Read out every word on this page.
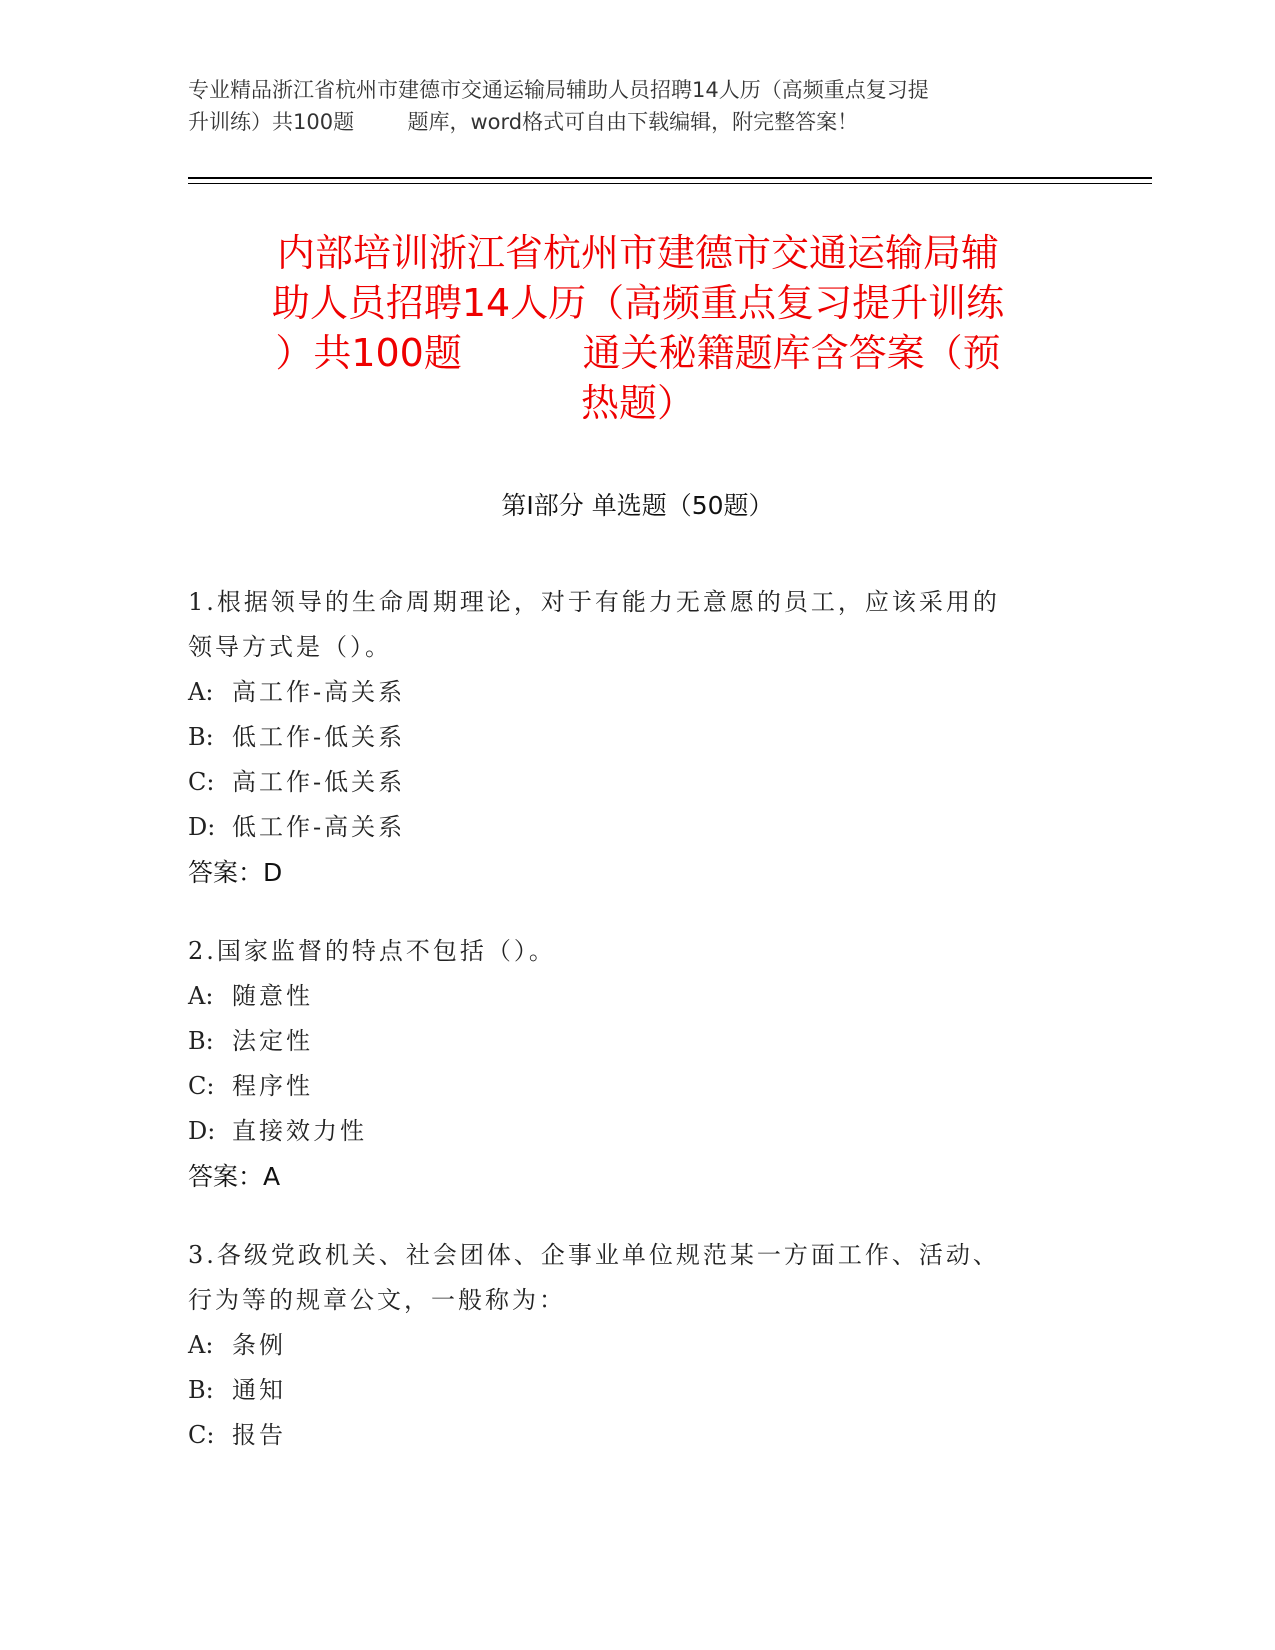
专业精品浙江省杭州市建德市交通运输局辅助人员招聘14人历（高频重点复习提
升训练）共100题        题库，word格式可自由下载编辑，附完整答案！
内部培训浙江省杭州市建德市交通运输局辅
助人员招聘14人历（高频重点复习提升训练
）共100题          通关秘籍题库含答案（预
热题）
第Ⅰ部分 单选题（50题）
1.根据领导的生命周期理论，对于有能力无意愿的员工，应该采用的
领导方式是（）。
A: 高工作-高关系
B: 低工作-低关系
C: 高工作-低关系
D: 低工作-高关系
答案：D
2.国家监督的特点不包括（）。
A: 随意性
B: 法定性
C: 程序性
D: 直接效力性
答案：A
3.各级党政机关、社会团体、企事业单位规范某一方面工作、活动、
行为等的规章公文，一般称为：
A: 条例
B: 通知
C: 报告
